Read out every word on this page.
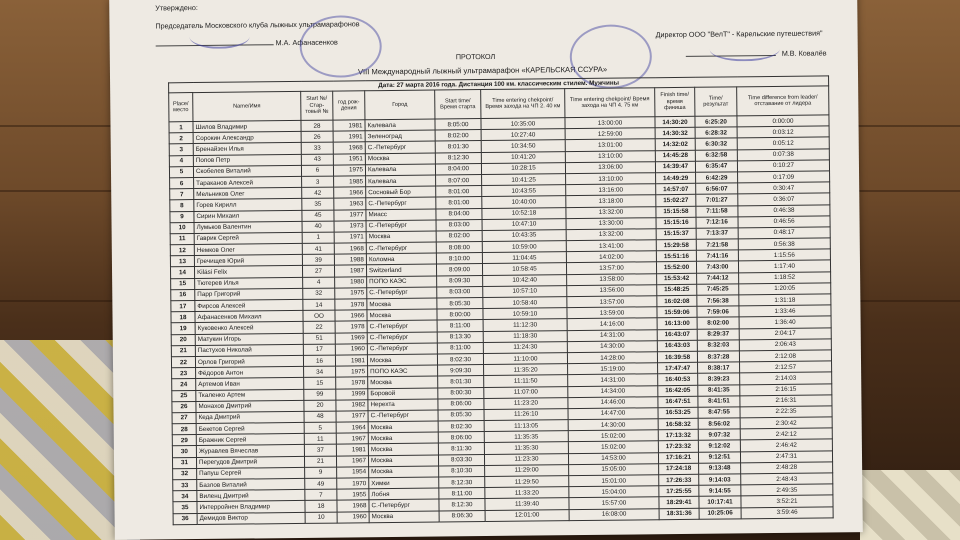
Утверждено:
Председатель Московского клуба лыжных ультрамарафонов
М.А. Афанасенков
Директор ООО "ВелТ" - Карельские путешествия"
М.В. Ковалёв
ПРОТОКОЛ
VIII Международный лыжный ультрамарафон «КАРЕЛЬСКАЯ ССУРА»
Дата: 27 марта 2016 года. Дистанция 100 км. классическим стилем. Мужчины										
Place/ место	Name/Имя	Start №/ Стар-товый №	год рож-дения	Город	Start time/ Время старта	Time entering chekpoint/ Время захода на ЧП 2. 40 км	Time entering chekpoint/ Время захода на ЧП 4. 75 км	Finish time/ время финиша	Time/ результат	Time difference from leader/ отставание от лидера
1	Шилов Владимир	28	1981	Калевала	8:05:00	10:35:00	13:00:00	14:30:20	6:25:20	0:00:00
2	Сорокин Александр	26	1991	Зеленоград	8:02:00	10:27:40	12:59:00	14:30:32	6:28:32	0:03:12
3	Бренайзен Илья	33	1968	С.-Петербург	8:01:30	10:34:50	13:01:00	14:32:02	6:30:32	0:05:12
4	Попов Петр	43	1951	Москва	8:12:30	10:41:20	13:10:00	14:45:28	6:32:58	0:07:38
5	Скобелев Виталий	6	1975	Калевала	8:04:00	10:28:15	13:06:00	14:39:47	6:35:47	0:10:27
6	Тараканов Алексей	3	1985	Калевала	8:07:00	10:41:25	13:10:00	14:49:29	6:42:29	0:17:09
7	Мельников Олег	42	1966	Сосновый Бор	8:01:00	10:43:55	13:16:00	14:57:07	6:56:07	0:30:47
8	Горев Кирилл	35	1963	С.-Петербург	8:01:00	10:40:00	13:18:00	15:02:27	7:01:27	0:36:07
9	Сирин Михаил	45	1977	Миасс	8:04:00	10:52:18	13:32:00	15:15:58	7:11:58	0:46:38
10	Лумьков Валентин	40	1973	С.-Петербург	8:03:00	10:47:10	13:30:00	15:15:16	7:12:16	0:46:56
11	Гаврик Сергей	1	1971	Москва	8:02:00	10:43:35	13:32:00	15:15:37	7:13:37	0:48:17
12	Немков Олег	41	1968	С.-Петербург	8:08:00	10:59:00	13:41:00	15:29:58	7:21:58	0:56:38
13	Гречищев Юрий	39	1988	Коломна	8:10:00	11:04:45	14:02:00	15:51:16	7:41:16	1:15:56
14	Kilási Felix	27	1987	Switzerland	8:09:00	10:58:45	13:57:00	15:52:00	7:43:00	1:17:40
15	Тютерев Илья	4	1980	ПОПО КАЭС	8:09:30	10:42:40	13:58:00	15:53:42	7:44:12	1:18:52
16	Парр Григорий	32	1975	С.-Петербург	8:03:00	10:57:10	13:56:00	15:48:25	7:45:25	1:20:05
17	Фирсов Алексей	14	1978	Москва	8:05:30	10:58:40	13:57:00	16:02:08	7:56:38	1:31:18
18	Афанасенков Михаил	ОО	1966	Москва	8:00:00	10:59:10	13:59:00	15:59:06	7:59:06	1:33:46
19	Куковенко Алексей	22	1978	С.-Петербург	8:11:00	11:12:30	14:16:00	16:13:00	8:02:00	1:36:40
20	Матукин Игорь	51	1969	С.-Петербург	8:13:30	11:18:30	14:31:00	16:43:07	8:29:37	2:04:17
21	Пастухов Николай	17	1960	С.-Петербург	8:11:00	11:24:30	14:30:00	16:43:03	8:32:03	2:06:43
22	Орлов Григорий	16	1981	Москва	8:02:30	11:10:00	14:28:00	16:39:58	8:37:28	2:12:08
23	Фёдоров Антон	34	1975	ПОПО КАЭС	9:09:30	11:35:20	15:19:00	17:47:47	8:38:17	2:12:57
24	Артемов Иван	15	1978	Москва	8:01:30	11:11:50	14:31:00	16:40:53	8:39:23	2:14:03
25	Ткаленко Артем	99	1999	Боровой	8:00:30	11:07:00	14:34:00	16:42:05	8:41:35	2:16:15
26	Монахов Дмитрий	20	1982	Нерехта	8:06:00	11:23:20	14:46:00	16:47:51	8:41:51	2:16:31
27	Кеда Дмитрий	48	1977	С.-Петербург	8:05:30	11:26:10	14:47:00	16:53:25	8:47:55	2:22:35
28	Бекетов Сергей	5	1964	Москва	8:02:30	11:13:05	14:30:00	16:58:32	8:56:02	2:30:42
29	Бражник Сергей	11	1967	Москва	8:06:00	11:35:35	15:02:00	17:13:32	9:07:32	2:42:12
30	Журавлев Вячеслав	37	1981	Москва	8:11:30	11:35:30	15:02:00	17:23:32	9:12:02	2:46:42
31	Перегудов Дмитрий	21	1967	Москва	8:03:30	11:23:30	14:53:00	17:16:21	9:12:51	2:47:31
32	Папуш Сергей	9	1954	Москва	8:10:30	11:29:00	15:05:00	17:24:18	9:13:48	2:48:28
33	Базлов Виталий	49	1970	Химки	8:12:30	11:29:50	15:01:00	17:26:33	9:14:03	2:48:43
34	Виленц Дмитрий	7	1955	Лобня	8:11:00	11:33:20	15:04:00	17:25:55	9:14:55	2:49:35
35	Интерройнен Владимир	18	1968	С.-Петербург	8:12:30	11:39:40	15:57:00	18:29:41	10:17:41	3:52:21
36	Демидов Виктор	10	1960	Москва	8:06:30	12:01:00	16:08:00	18:31:36	10:25:06	3:59:46
